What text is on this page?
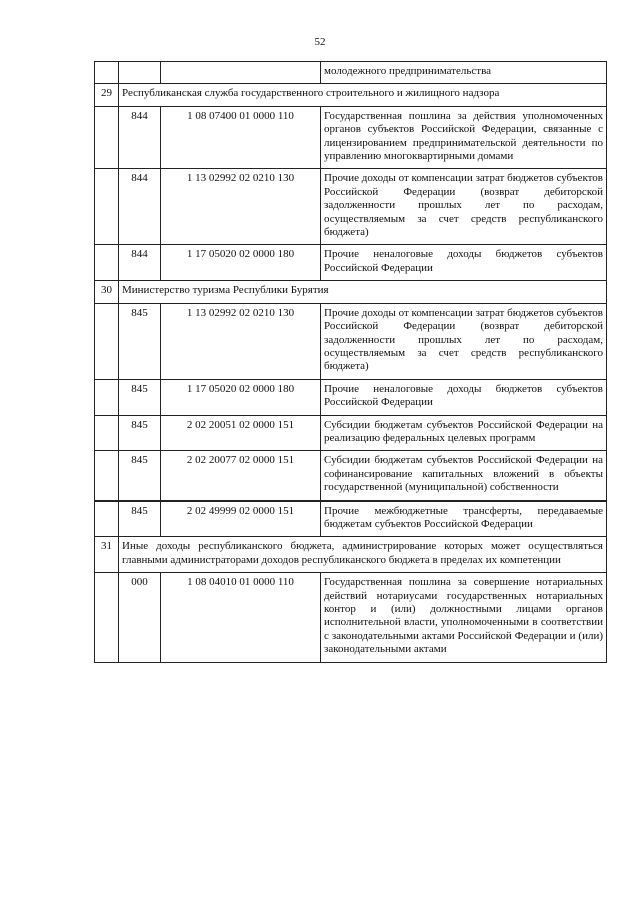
52
			молодежного предпринимательства
29	Республиканская служба государственного строительного и жилищного надзора		
	844	1 08 07400 01 0000 110	Государственная пошлина за действия уполномоченных органов субъектов Российской Федерации, связанные с лицензированием предпринимательской деятельности по управлению многоквартирными домами
	844	1 13 02992 02 0210 130	Прочие доходы от компенсации затрат бюджетов субъектов Российской Федерации (возврат дебиторской задолженности прошлых лет по расходам, осуществляемым за счет средств республиканского бюджета)
	844	1 17 05020 02 0000 180	Прочие неналоговые доходы бюджетов субъектов Российской Федерации
30	Министерство туризма Республики Бурятия		
	845	1 13 02992 02 0210 130	Прочие доходы от компенсации затрат бюджетов субъектов Российской Федерации (возврат дебиторской задолженности прошлых лет по расходам, осуществляемым за счет средств республиканского бюджета)
	845	1 17 05020 02 0000 180	Прочие неналоговые доходы бюджетов субъектов Российской Федерации
	845	2 02 20051 02 0000 151	Субсидии бюджетам субъектов Российской Федерации на реализацию федеральных целевых программ
	845	2 02 20077 02 0000 151	Субсидии бюджетам субъектов Российской Федерации на софинансирование капитальных вложений в объекты государственной (муниципальной) собственности
	845	2 02 49999 02 0000 151	Прочие межбюджетные трансферты, передаваемые бюджетам субъектов Российской Федерации
31	Иные доходы республиканского бюджета, администрирование которых может осуществляться главными администраторами доходов республиканского бюджета в пределах их компетенции		
	000	1 08 04010 01 0000 110	Государственная пошлина за совершение нотариальных действий нотариусами государственных нотариальных контор и (или) должностными лицами органов исполнительной власти, уполномоченными в соответствии с законодательными актами Российской Федерации и (или) законодательными актами
